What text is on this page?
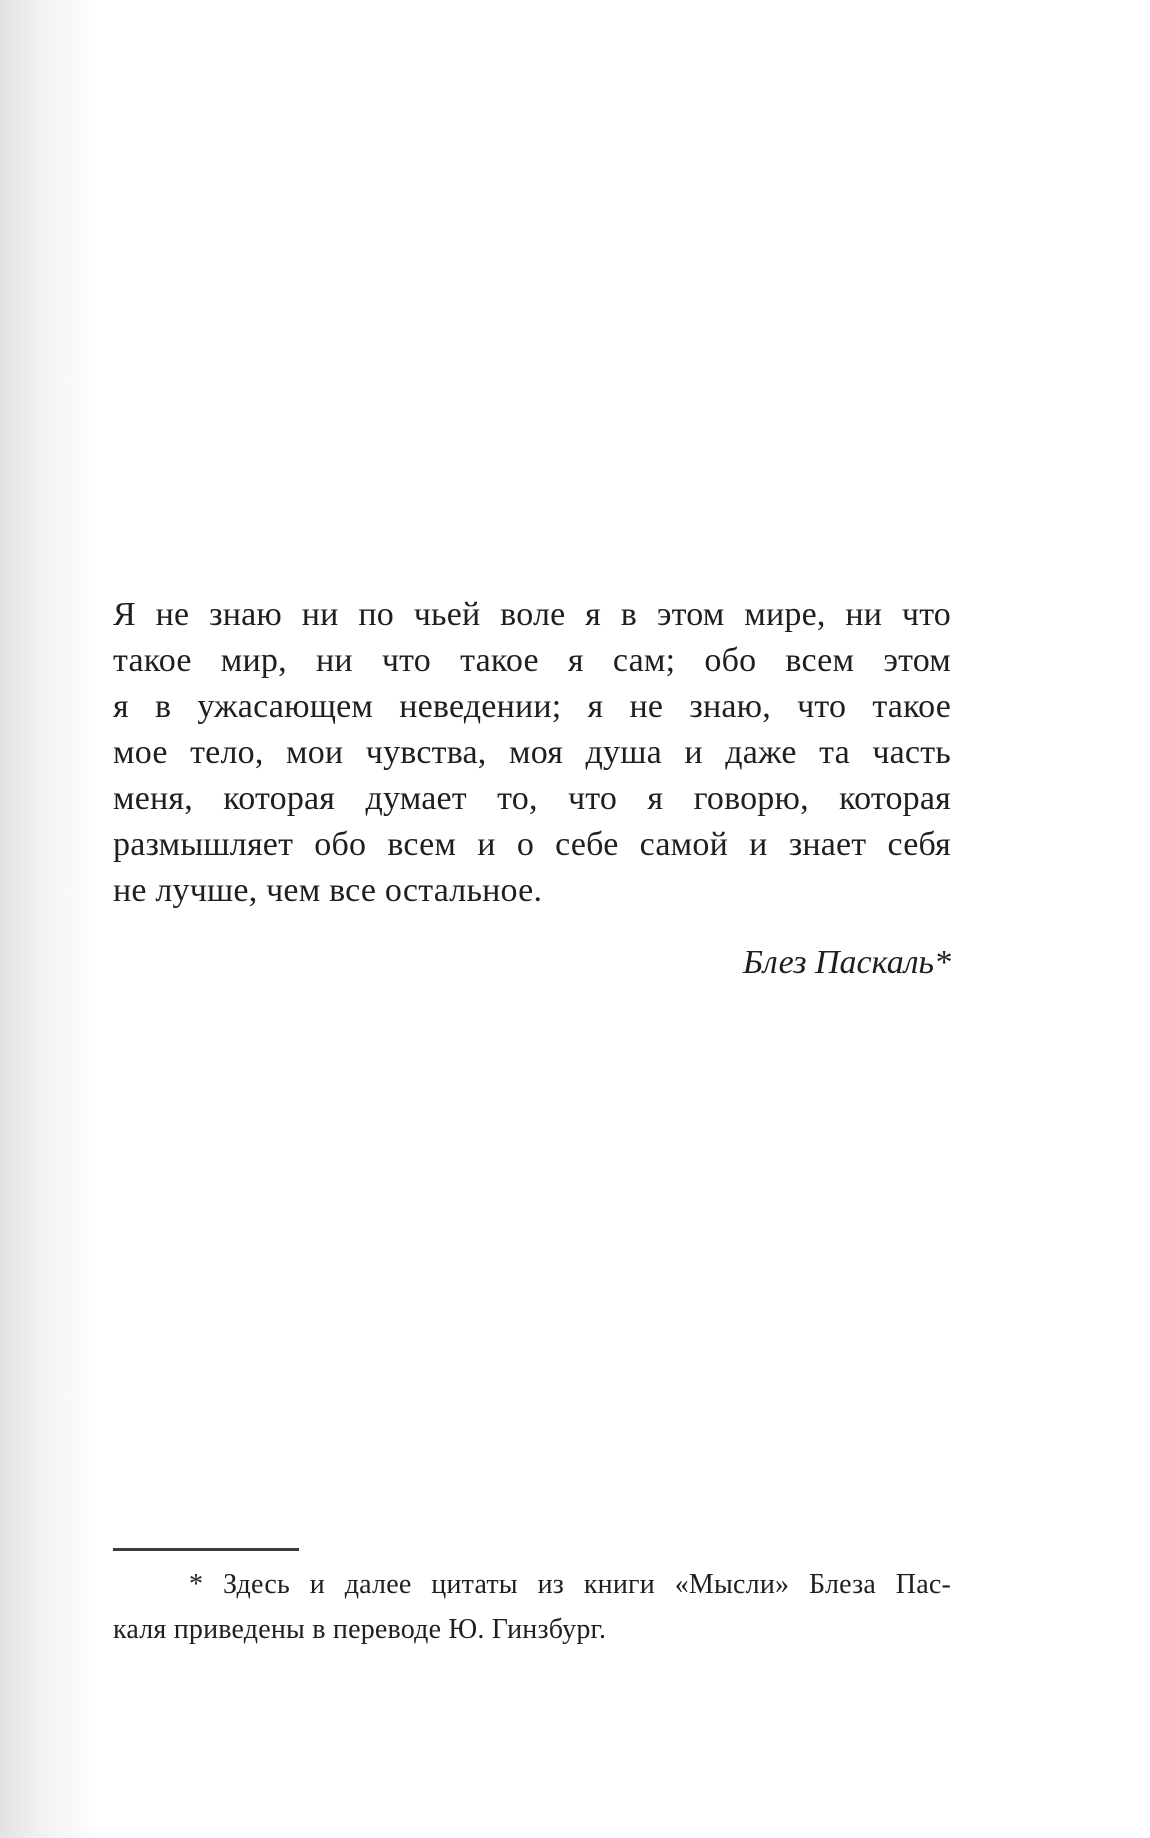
Я не знаю ни по чьей воле я в этом мире, ни что
такое мир, ни что такое я сам; обо всем этом
я в ужасающем неведении; я не знаю, что такое
мое тело, мои чувства, моя душа и даже та часть
меня, которая думает то, что я говорю, которая
размышляет обо всем и о себе самой и знает себя
не лучше, чем все остальное.
Блез Паскаль*

* Здесь и далее цитаты из книги «Мысли» Блеза Пас-
каля приведены в переводе Ю. Гинзбург.
